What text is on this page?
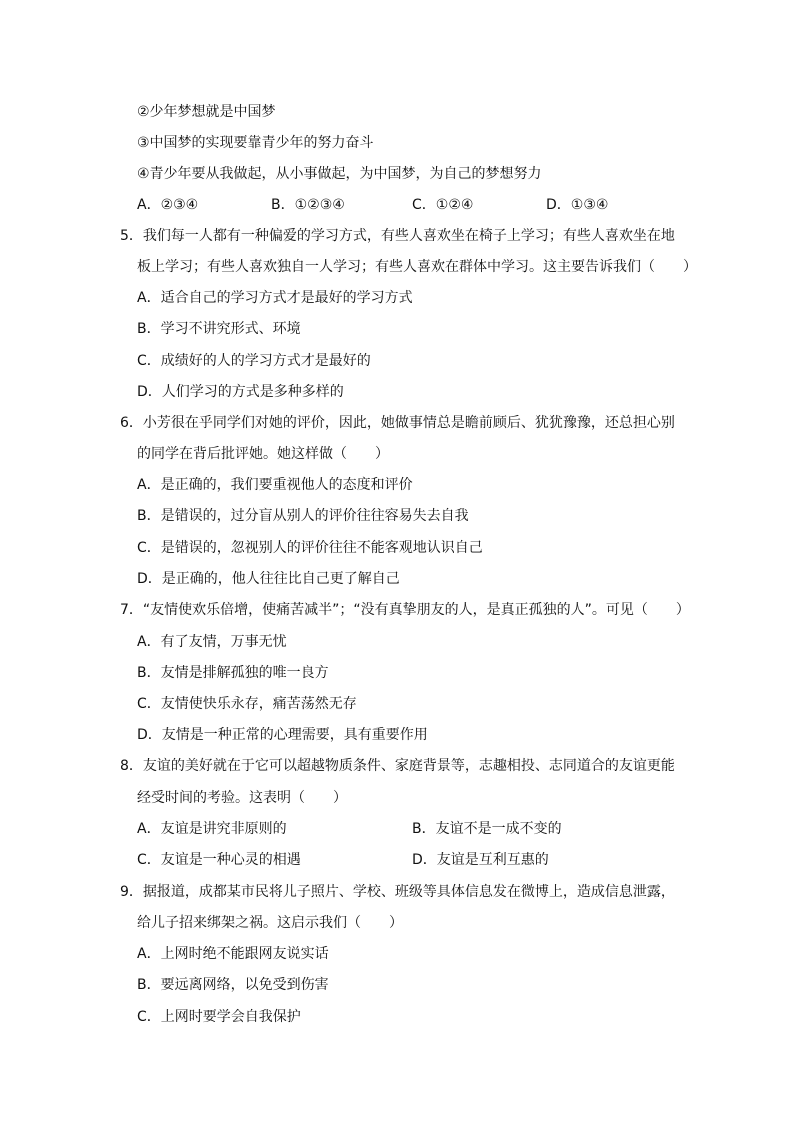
②少年梦想就是中国梦
③中国梦的实现要靠青少年的努力奋斗
④青少年要从我做起，从小事做起，为中国梦，为自己的梦想努力
A．②③④	B．①②③④	C．①②④	D．①③④
5．我们每一人都有一种偏爱的学习方式，有些人喜欢坐在椅子上学习；有些人喜欢坐在地
板上学习；有些人喜欢独自一人学习；有些人喜欢在群体中学习。这主要告诉我们（　　）
A．适合自己的学习方式才是最好的学习方式
B．学习不讲究形式、环境
C．成绩好的人的学习方式才是最好的
D．人们学习的方式是多种多样的
6．小芳很在乎同学们对她的评价，因此，她做事情总是瞻前顾后、犹犹豫豫，还总担心别
的同学在背后批评她。她这样做（　　）
A．是正确的，我们要重视他人的态度和评价
B．是错误的，过分盲从别人的评价往往容易失去自我
C．是错误的，忽视别人的评价往往不能客观地认识自己
D．是正确的，他人往往比自己更了解自己
7．“友情使欢乐倍增，使痛苦减半”；“没有真挚朋友的人，是真正孤独的人”。可见（　　）
A．有了友情，万事无忧
B．友情是排解孤独的唯一良方
C．友情使快乐永存，痛苦荡然无存
D．友情是一种正常的心理需要，具有重要作用
8．友谊的美好就在于它可以超越物质条件、家庭背景等，志趣相投、志同道合的友谊更能
经受时间的考验。这表明（　　）
A．友谊是讲究非原则的	B．友谊不是一成不变的
C．友谊是一种心灵的相遇	D．友谊是互利互惠的
9．据报道，成都某市民将儿子照片、学校、班级等具体信息发在微博上，造成信息泄露，
给儿子招来绑架之祸。这启示我们（　　）
A．上网时绝不能跟网友说实话
B．要远离网络，以免受到伤害
C．上网时要学会自我保护
